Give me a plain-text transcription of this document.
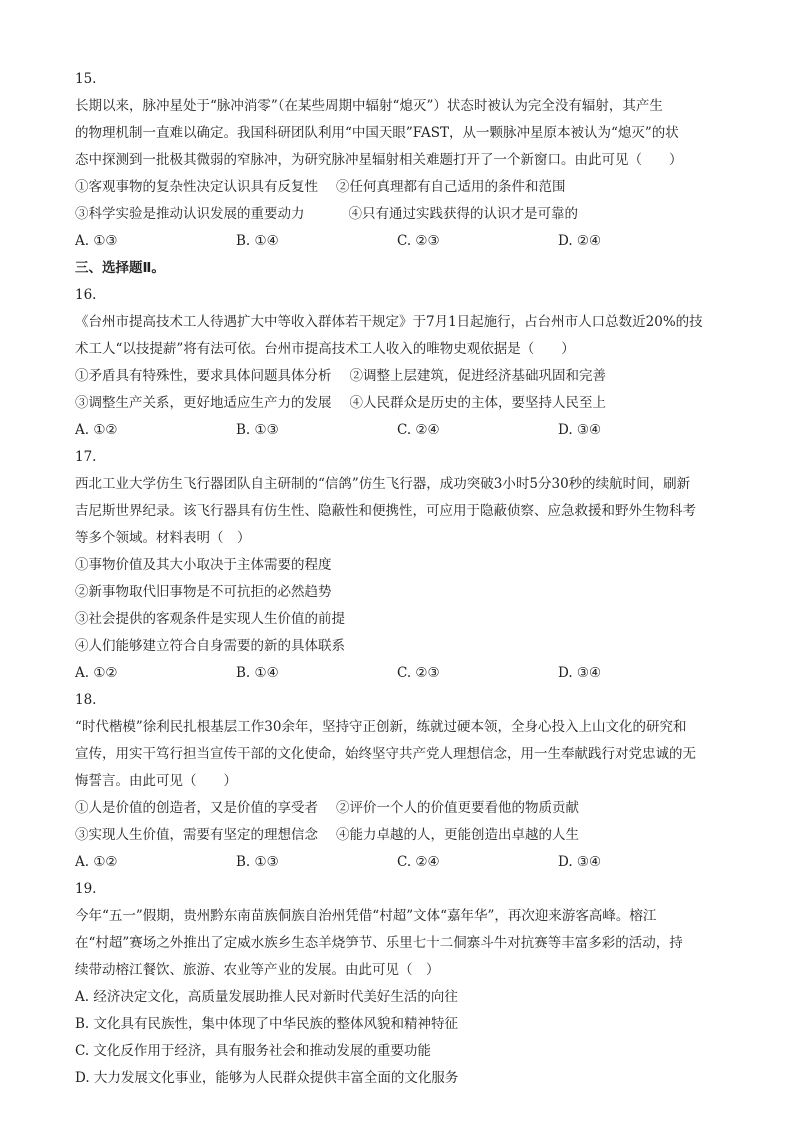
15.
长期以来，脉冲星处于“脉冲消零”（在某些周期中辐射“熄灭”）状态时被认为完全没有辐射，其产生
的物理机制一直难以确定。我国科研团队利用“中国天眼”FAST，从一颗脉冲星原本被认为“熄灭”的状
态中探测到一批极其微弱的窄脉冲，为研究脉冲星辐射相关难题打开了一个新窗口。由此可见（　　）
①客观事物的复杂性决定认识具有反复性 ②任何真理都有自己适用的条件和范围
③科学实验是推动认识发展的重要动力	④只有通过实践获得的认识才是可靠的
A. ①③	B. ①④	C. ②③	D. ②④
三、选择题Ⅱ。
16.
《台州市提高技术工人待遇扩大中等收入群体若干规定》于7月1日起施行，占台州市人口总数近20%的技
术工人“以技提薪”将有法可依。台州市提高技术工人收入的唯物史观依据是（　　）
①矛盾具有特殊性，要求具体问题具体分析 ②调整上层建筑，促进经济基础巩固和完善
③调整生产关系，更好地适应生产力的发展 ④人民群众是历史的主体，要坚持人民至上
A. ①②	B. ①③	C. ②④	D. ③④
17.
西北工业大学仿生飞行器团队自主研制的“信鸽”仿生飞行器，成功突破3小时5分30秒的续航时间，刷新
吉尼斯世界纪录。该飞行器具有仿生性、隐蔽性和便携性，可应用于隐蔽侦察、应急救援和野外生物科考
等多个领域。材料表明（　）
①事物价值及其大小取决于主体需要的程度
②新事物取代旧事物是不可抗拒的必然趋势
③社会提供的客观条件是实现人生价值的前提
④人们能够建立符合自身需要的新的具体联系
A. ①②	B. ①④	C. ②③	D. ③④
18.
“时代楷模”徐利民扎根基层工作30余年，坚持守正创新，练就过硬本领，全身心投入上山文化的研究和
宣传，用实干笃行担当宣传干部的文化使命，始终坚守共产党人理想信念，用一生奉献践行对党忠诚的无
悔誓言。由此可见（　　）
①人是价值的创造者，又是价值的享受者 ②评价一个人的价值更要看他的物质贡献
③实现人生价值，需要有坚定的理想信念 ④能力卓越的人，更能创造出卓越的人生
A. ①②	B. ①③	C. ②④	D. ③④
19.
今年“五一”假期，贵州黔东南苗族侗族自治州凭借“村超”文体“嘉年华”，再次迎来游客高峰。榕江
在“村超”赛场之外推出了定威水族乡生态羊烧笋节、乐里七十二侗寨斗牛对抗赛等丰富多彩的活动，持
续带动榕江餐饮、旅游、农业等产业的发展。由此可见（　）
A. 经济决定文化，高质量发展助推人民对新时代美好生活的向往
B. 文化具有民族性，集中体现了中华民族的整体风貌和精神特征
C. 文化反作用于经济，具有服务社会和推动发展的重要功能
D. 大力发展文化事业，能够为人民群众提供丰富全面的文化服务
